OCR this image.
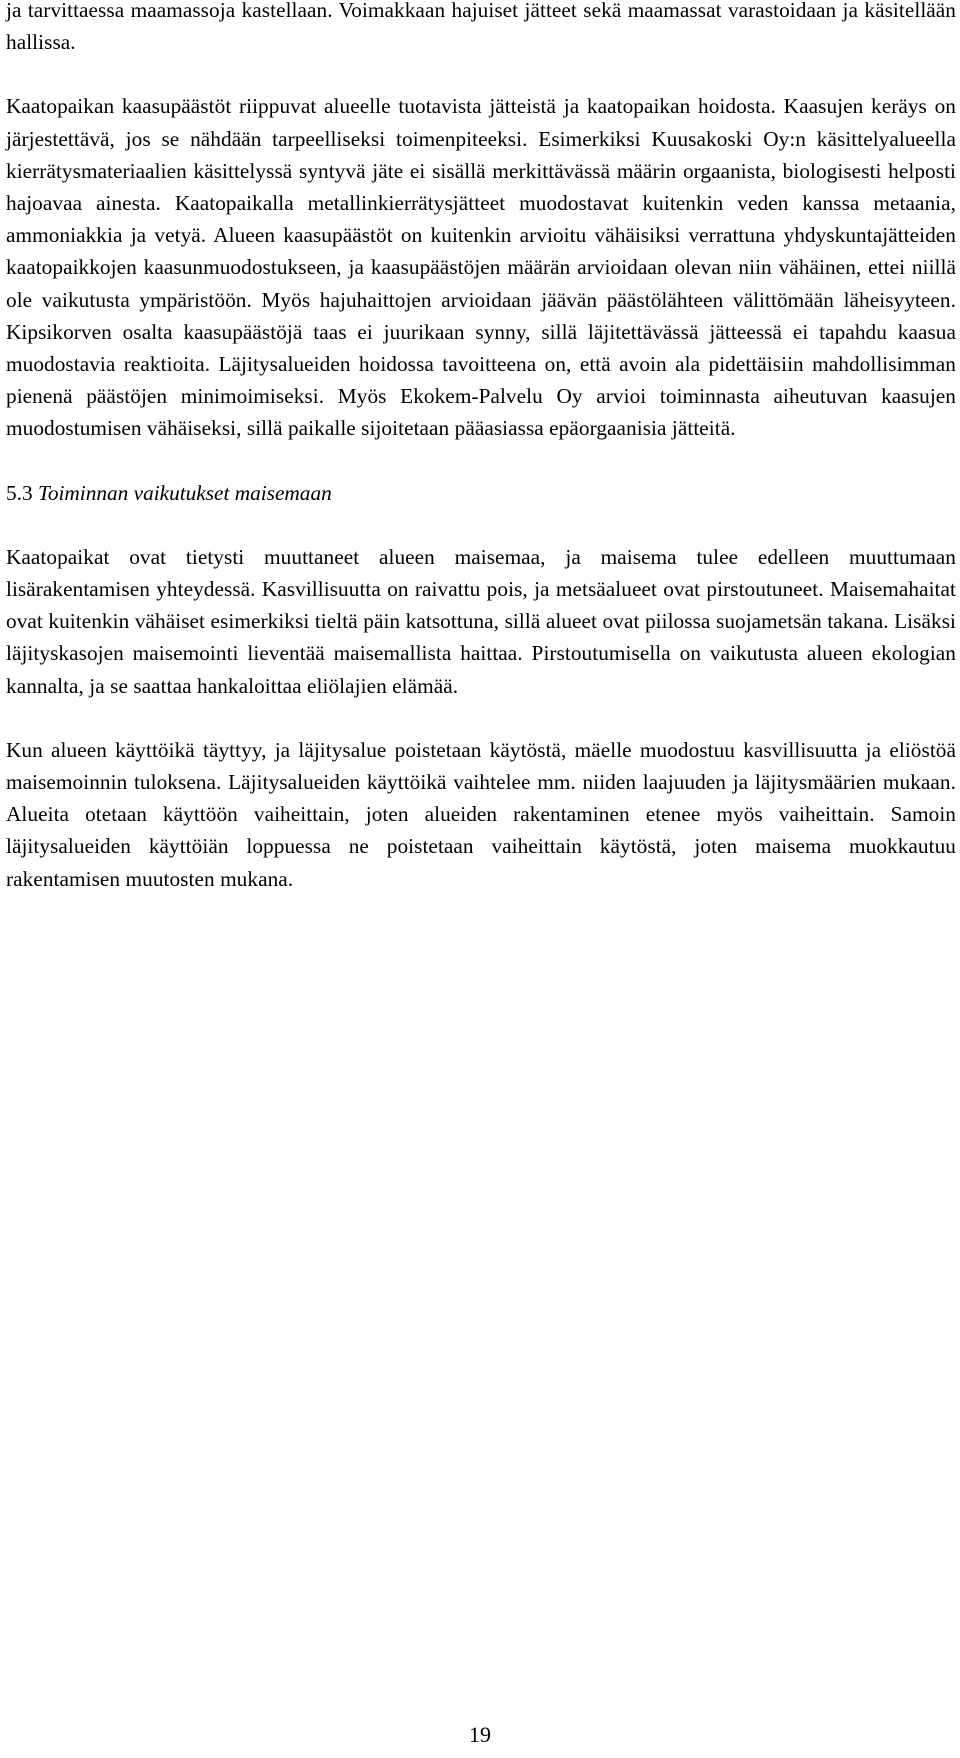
ja tarvittaessa maamassoja kastellaan. Voimakkaan hajuiset jätteet sekä maamassat varastoidaan ja käsitellään hallissa.

Kaatopaikan kaasupäästöt riippuvat alueelle tuotavista jätteistä ja kaatopaikan hoidosta. Kaasujen keräys on järjestettävä, jos se nähdään tarpeelliseksi toimenpiteeksi. Esimerkiksi Kuusakoski Oy:n käsittelyalueella kierrätysmateriaalien käsittelyssä syntyvä jäte ei sisällä merkittävässä määrin orgaanista, biologisesti helposti hajoavaa ainesta. Kaatopaikalla metallinkierrätysjätteet muodostavat kuitenkin veden kanssa metaania, ammoniakkia ja vetyä. Alueen kaasupäästöt on kuitenkin arvioitu vähäisiksi verrattuna yhdyskuntajätteiden kaatopaikkojen kaasunmuodostukseen, ja kaasupäästöjen määrän arvioidaan olevan niin vähäinen, ettei niillä ole vaikutusta ympäristöön. Myös hajuhaittojen arvioidaan jäävän päästölähteen välittömään läheisyyteen. Kipsikorven osalta kaasupäästöjä taas ei juurikaan synny, sillä läjitettävässä jätteessä ei tapahdu kaasua muodostavia reaktioita. Läjitysalueiden hoidossa tavoitteena on, että avoin ala pidettäisiin mahdollisimman pienenä päästöjen minimoimiseksi. Myös Ekokem-Palvelu Oy arvioi toiminnasta aiheutuvan kaasujen muodostumisen vähäiseksi, sillä paikalle sijoitetaan pääasiassa epäorgaanisia jätteitä.

5.3 Toiminnan vaikutukset maisemaan

Kaatopaikat ovat tietysti muuttaneet alueen maisemaa, ja maisema tulee edelleen muuttumaan lisärakentamisen yhteydessä. Kasvillisuutta on raivattu pois, ja metsäalueet ovat pirstoutuneet. Maisemahaitat ovat kuitenkin vähäiset esimerkiksi tieltä päin katsottuna, sillä alueet ovat piilossa suojametsän takana. Lisäksi läjityskasojen maisemointi lieventää maisemallista haittaa. Pirstoutumisella on vaikutusta alueen ekologian kannalta, ja se saattaa hankaloittaa eliölajien elämää.

Kun alueen käyttöikä täyttyy, ja läjitysalue poistetaan käytöstä, mäelle muodostuu kasvillisuutta ja eliöstöä maisemoinnin tuloksena. Läjitysalueiden käyttöikä vaihtelee mm. niiden laajuuden ja läjitysmäärien mukaan. Alueita otetaan käyttöön vaiheittain, joten alueiden rakentaminen etenee myös vaiheittain. Samoin läjitysalueiden käyttöiän loppuessa ne poistetaan vaiheittain käytöstä, joten maisema muokkautuu rakentamisen muutosten mukana.

19
